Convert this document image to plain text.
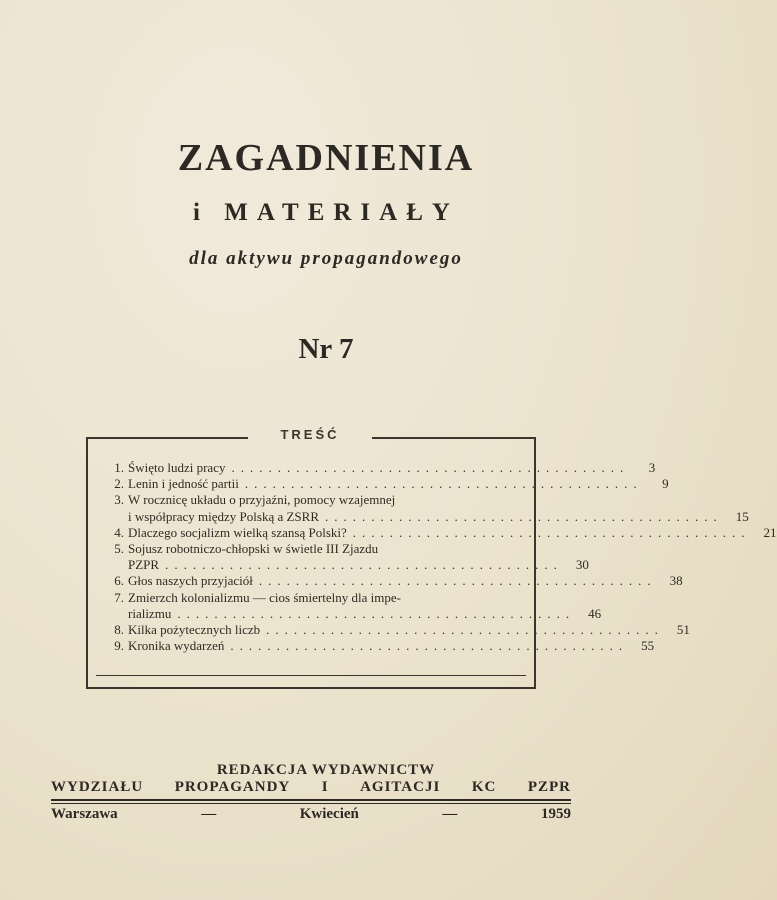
ZAGADNIENIA
i MATERIAŁY
dla aktywu propagandowego
Nr 7
TREŚĆ
1. Święto ludzi pracy ...........................................	3
2. Lenin i jedność partii ...........................................	9
3. W rocznicę układu o przyjaźni, pomocy wzajemnej
i współpracy między Polską a ZSRR ...........................................	15
4. Dlaczego socjalizm wielką szansą Polski? ...........................................	21
5. Sojusz robotniczo-chłopski w świetle III Zjazdu
PZPR ...........................................	30
6. Głos naszych przyjaciół ...........................................	38
7. Zmierzch kolonializmu — cios śmiertelny dla impe-
rializmu ...........................................	46
8. Kilka pożytecznych liczb ...........................................	51
9. Kronika wydarzeń ...........................................	55
REDAKCJA WYDAWNICTW
WYDZIAŁU PROPAGANDY I AGITACJI KC PZPR
Warszawa	—	Kwiecień	—	1959
